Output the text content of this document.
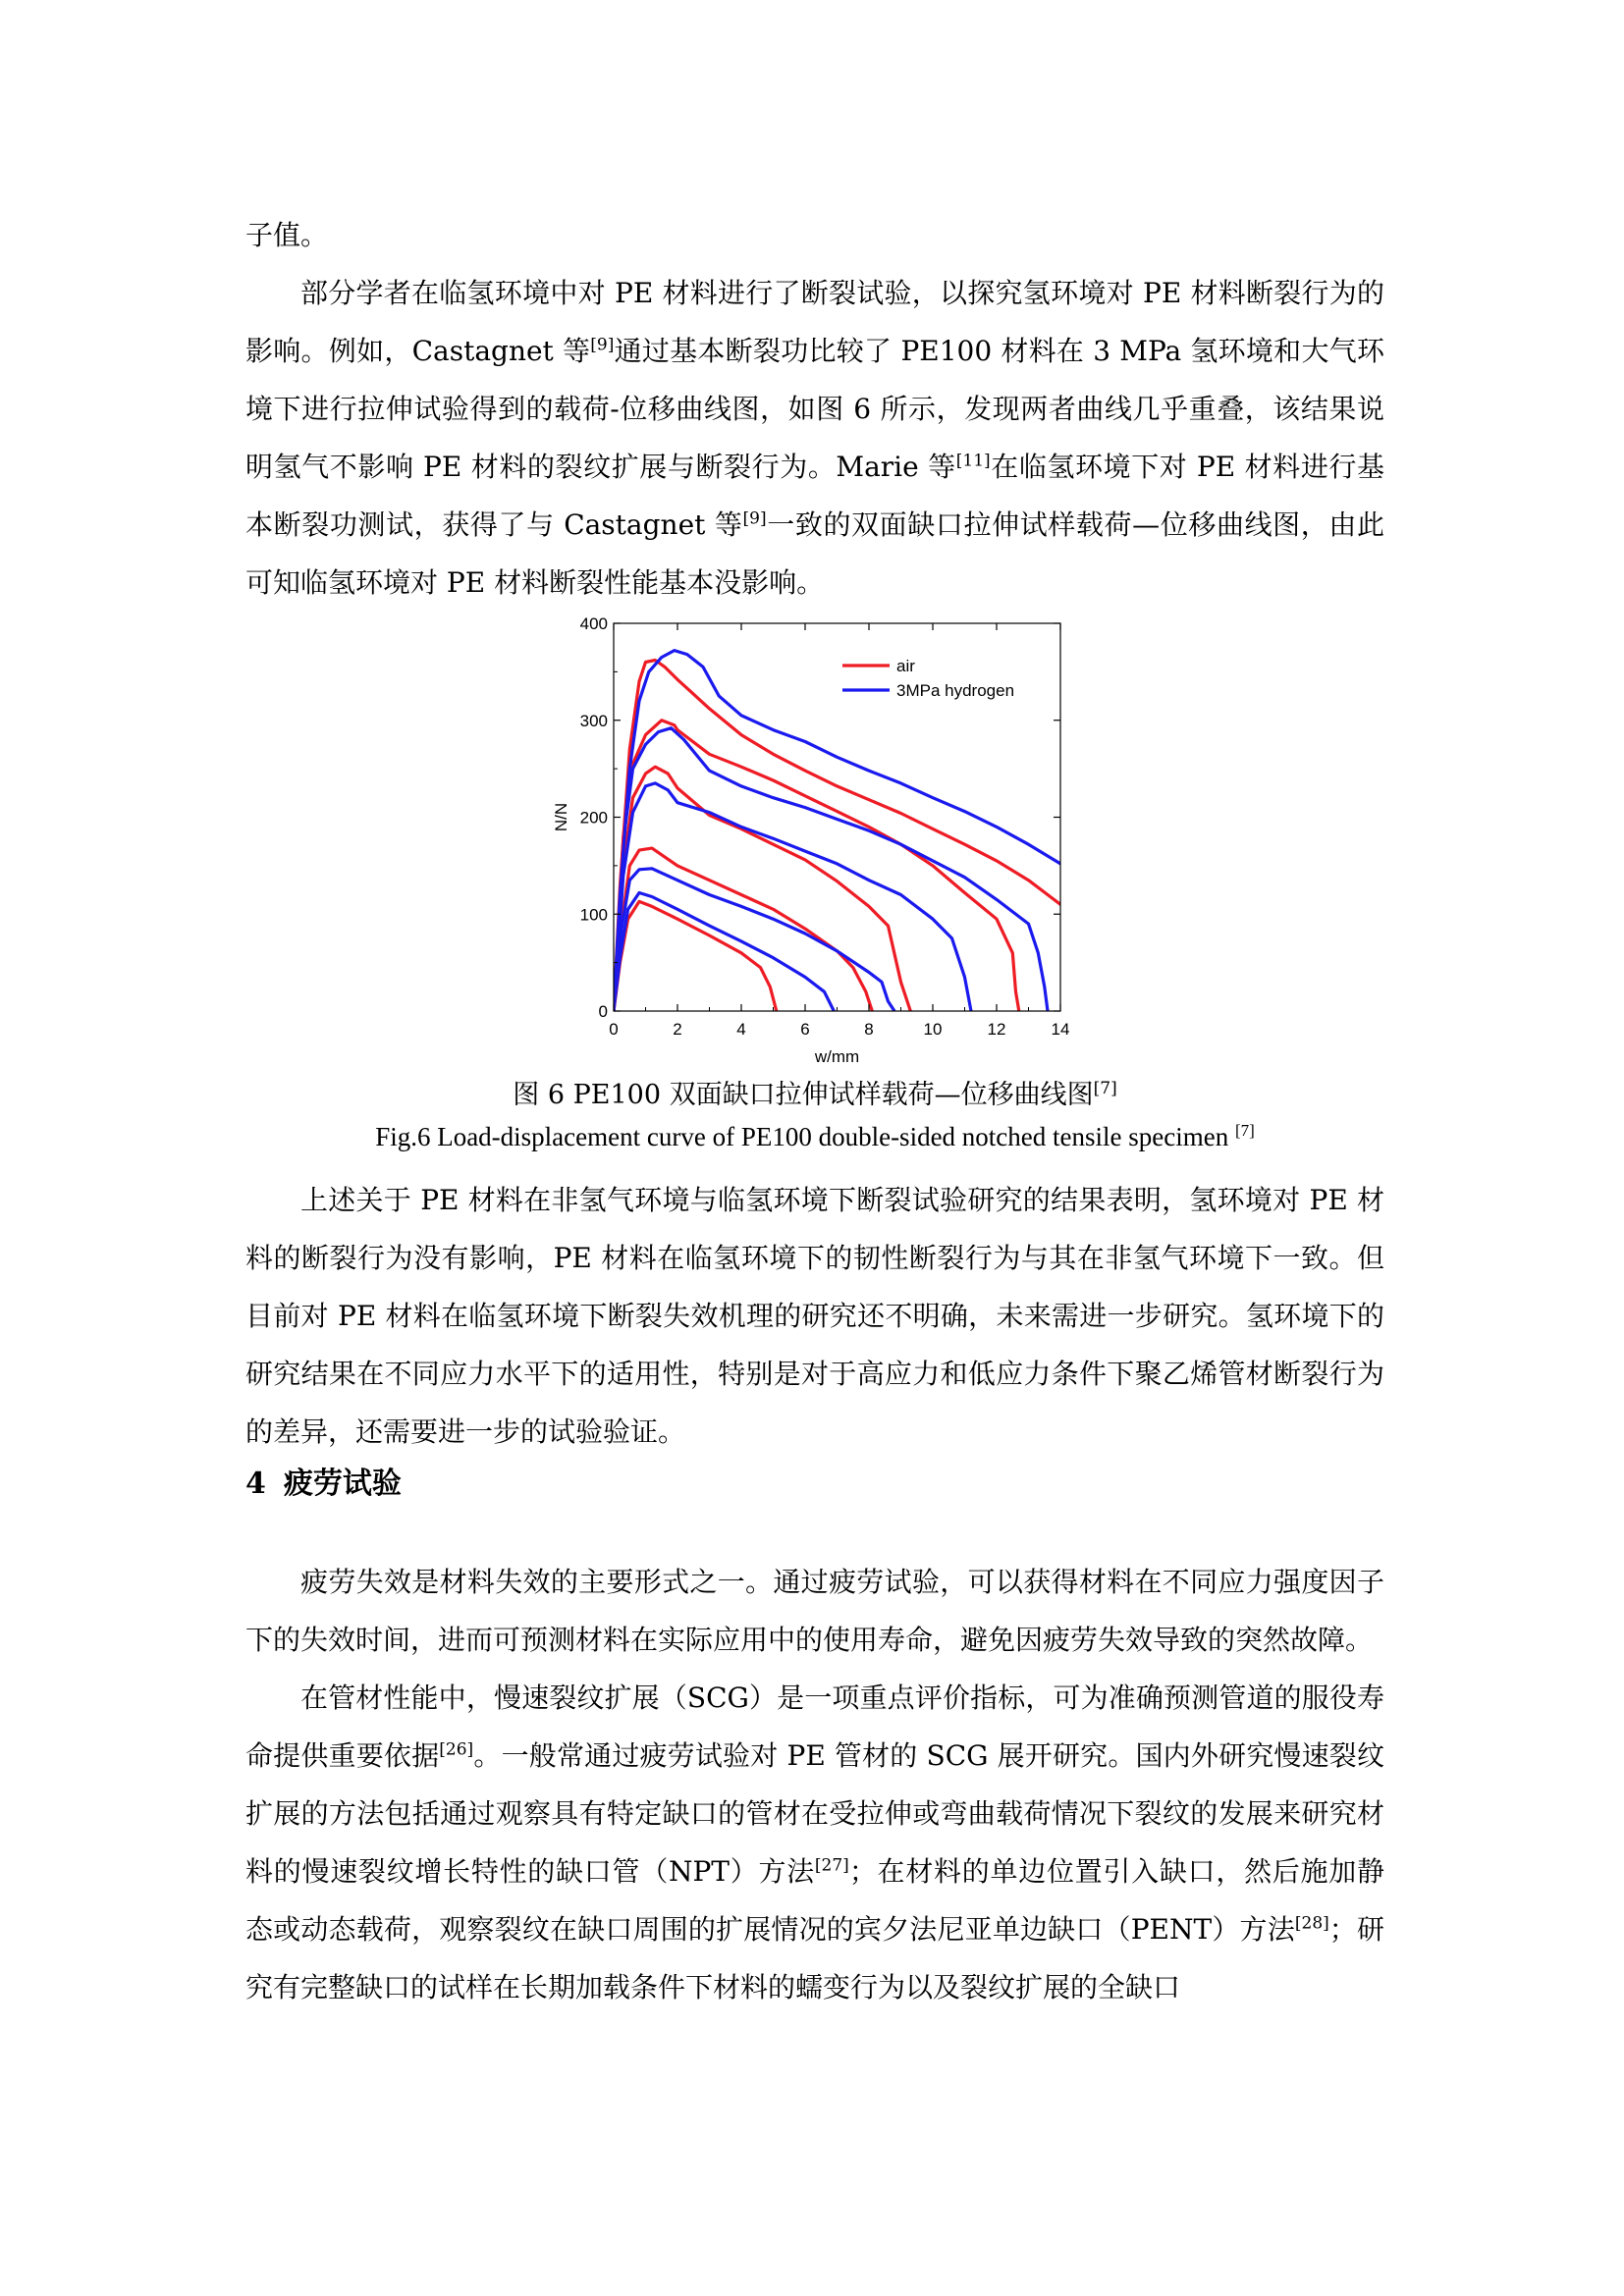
子值。

部分学者在临氢环境中对 PE 材料进行了断裂试验，以探究氢环境对 PE 材料断裂行为的影响。例如，Castagnet 等[9]通过基本断裂功比较了 PE100 材料在 3 MPa 氢环境和大气环境下进行拉伸试验得到的载荷-位移曲线图，如图 6 所示，发现两者曲线几乎重叠，该结果说明氢气不影响 PE 材料的裂纹扩展与断裂行为。Marie 等[11]在临氢环境下对 PE 材料进行基本断裂功测试，获得了与 Castagnet 等[9]一致的双面缺口拉伸试样载荷—位移曲线图，由此可知临氢环境对 PE 材料断裂性能基本没影响。

0	2	4	6	8	10	12	14
0
100
200
300
400
w/mm
N/N
air
3MPa hydrogen

图 6 PE100 双面缺口拉伸试样载荷—位移曲线图[7]

Fig.6 Load-displacement curve of PE100 double-sided notched tensile specimen [7]

上述关于 PE 材料在非氢气环境与临氢环境下断裂试验研究的结果表明，氢环境对 PE 材料的断裂行为没有影响，PE 材料在临氢环境下的韧性断裂行为与其在非氢气环境下一致。但目前对 PE 材料在临氢环境下断裂失效机理的研究还不明确，未来需进一步研究。氢环境下的研究结果在不同应力水平下的适用性，特别是对于高应力和低应力条件下聚乙烯管材断裂行为的差异，还需要进一步的试验验证。

4 疲劳试验

疲劳失效是材料失效的主要形式之一。通过疲劳试验，可以获得材料在不同应力强度因子下的失效时间，进而可预测材料在实际应用中的使用寿命，避免因疲劳失效导致的突然故障。

在管材性能中，慢速裂纹扩展（SCG）是一项重点评价指标，可为准确预测管道的服役寿命提供重要依据[26]。一般常通过疲劳试验对 PE 管材的 SCG 展开研究。国内外研究慢速裂纹扩展的方法包括通过观察具有特定缺口的管材在受拉伸或弯曲载荷情况下裂纹的发展来研究材料的慢速裂纹增长特性的缺口管（NPT）方法[27]；在材料的单边位置引入缺口，然后施加静态或动态载荷，观察裂纹在缺口周围的扩展情况的宾夕法尼亚单边缺口（PENT）方法[28]；研究有完整缺口的试样在长期加载条件下材料的蠕变行为以及裂纹扩展的全缺口
